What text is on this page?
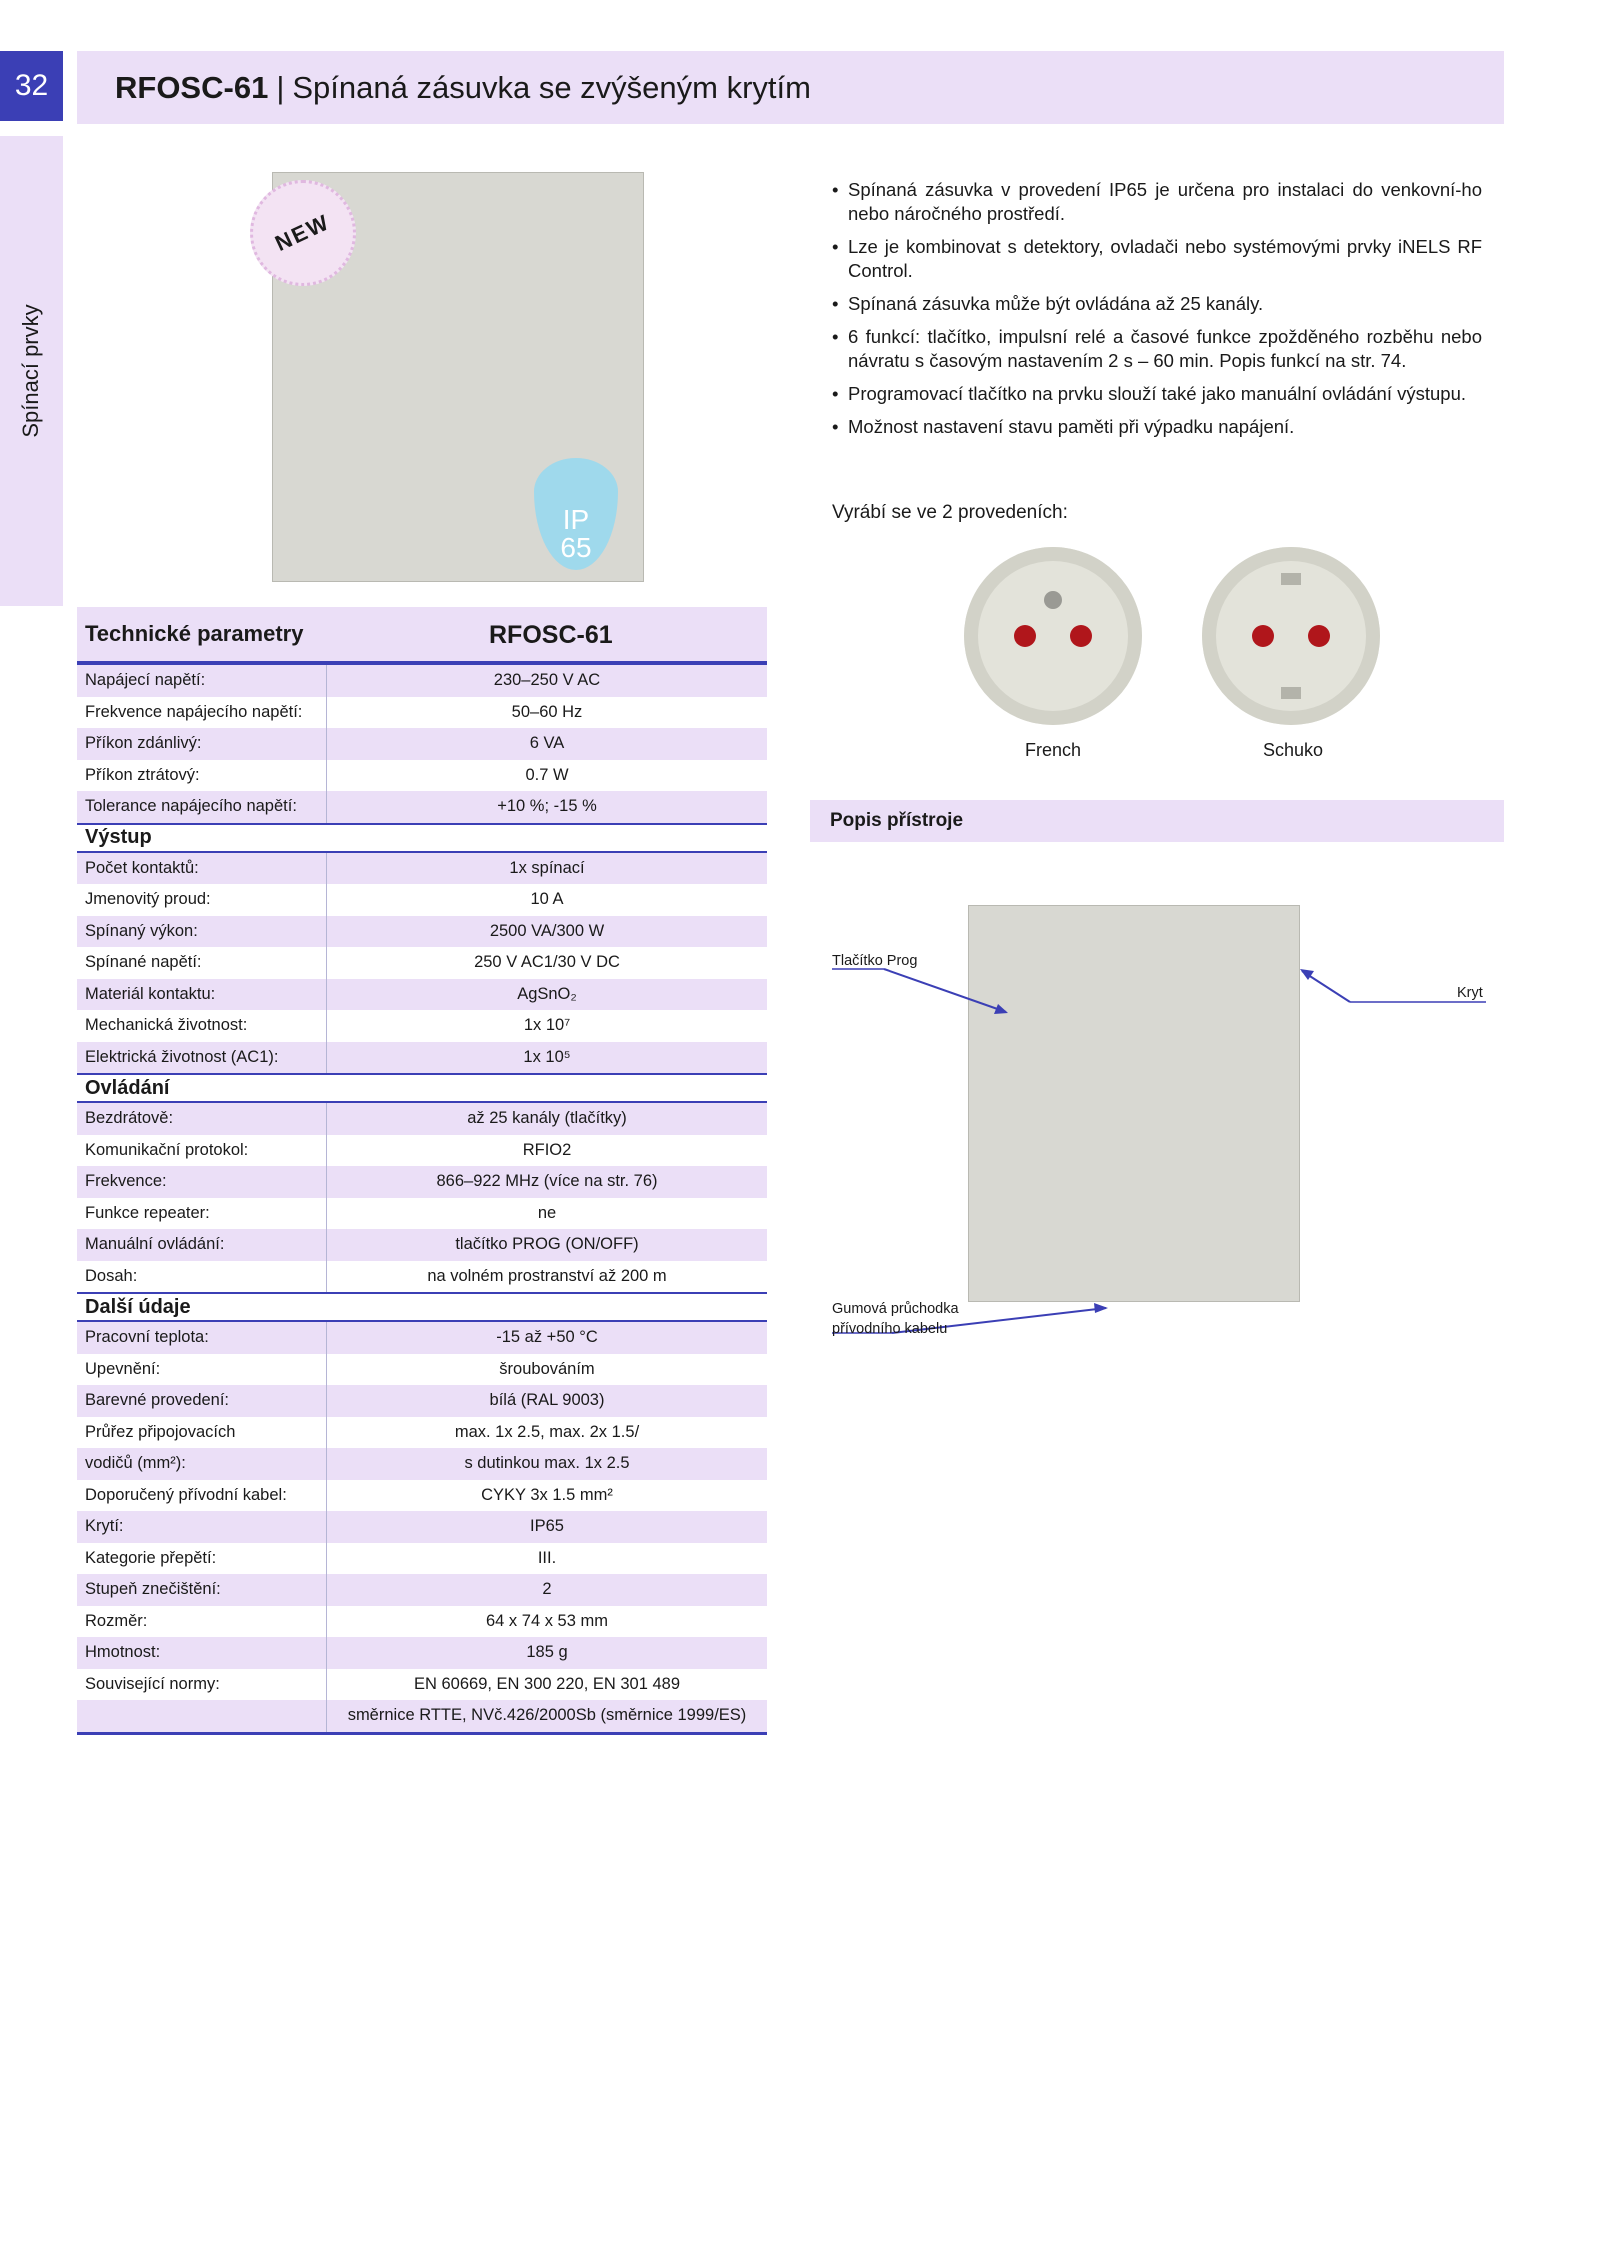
32	RFOSC-61 | Spínaná zásuvka se zvýšeným krytím
Spínací prvky
NEW
IP
65
• Spínaná zásuvka v provedení IP65 je určena pro instalaci do venkovní-ho nebo náročného prostředí.
• Lze je kombinovat s detektory, ovladači nebo systémovými prvky iNELS RF Control.
• Spínaná zásuvka může být ovládána až 25 kanály.
• 6 funkcí: tlačítko, impulsní relé a časové funkce zpožděného rozběhu nebo návratu s časovým nastavením 2 s – 60 min. Popis funkcí na str. 74.
• Programovací tlačítko na prvku slouží také jako manuální ovládání výstupu.
• Možnost nastavení stavu paměti při výpadku napájení.
Vyrábí se ve 2 provedeních:
French	Schuko
Popis přístroje
Tlačítko Prog
Kryt
Gumová průchodka
přívodního kabelu
Technické parametry	RFOSC-61
Napájecí napětí:	230–250 V AC
Frekvence napájecího napětí:	50–60 Hz
Příkon zdánlivý:	6 VA
Příkon ztrátový:	0.7 W
Tolerance napájecího napětí:	+10 %; -15 %
Výstup
Počet kontaktů:	1x spínací
Jmenovitý proud:	10 A
Spínaný výkon:	2500 VA/300 W
Spínané napětí:	250 V AC1/30 V DC
Materiál kontaktu:	AgSnO₂
Mechanická životnost:	1x 10⁷
Elektrická životnost (AC1):	1x 10⁵
Ovládání
Bezdrátově:	až 25 kanály (tlačítky)
Komunikační protokol:	RFIO2
Frekvence:	866–922 MHz (více na str. 76)
Funkce repeater:	ne
Manuální ovládání:	tlačítko PROG (ON/OFF)
Dosah:	na volném prostranství až 200 m
Další údaje
Pracovní teplota:	-15 až +50 °C
Upevnění:	šroubováním
Barevné provedení:	bílá (RAL 9003)
Průřez připojovacích	max. 1x 2.5, max. 2x 1.5/
vodičů (mm²):	s dutinkou max. 1x 2.5
Doporučený přívodní kabel:	CYKY 3x 1.5 mm²
Krytí:	IP65
Kategorie přepětí:	III.
Stupeň znečištění:	2
Rozměr:	64 x 74 x 53 mm
Hmotnost:	185 g
Související normy:	EN 60669, EN 300 220, EN 301 489
směrnice RTTE, NVč.426/2000Sb (směrnice 1999/ES)
